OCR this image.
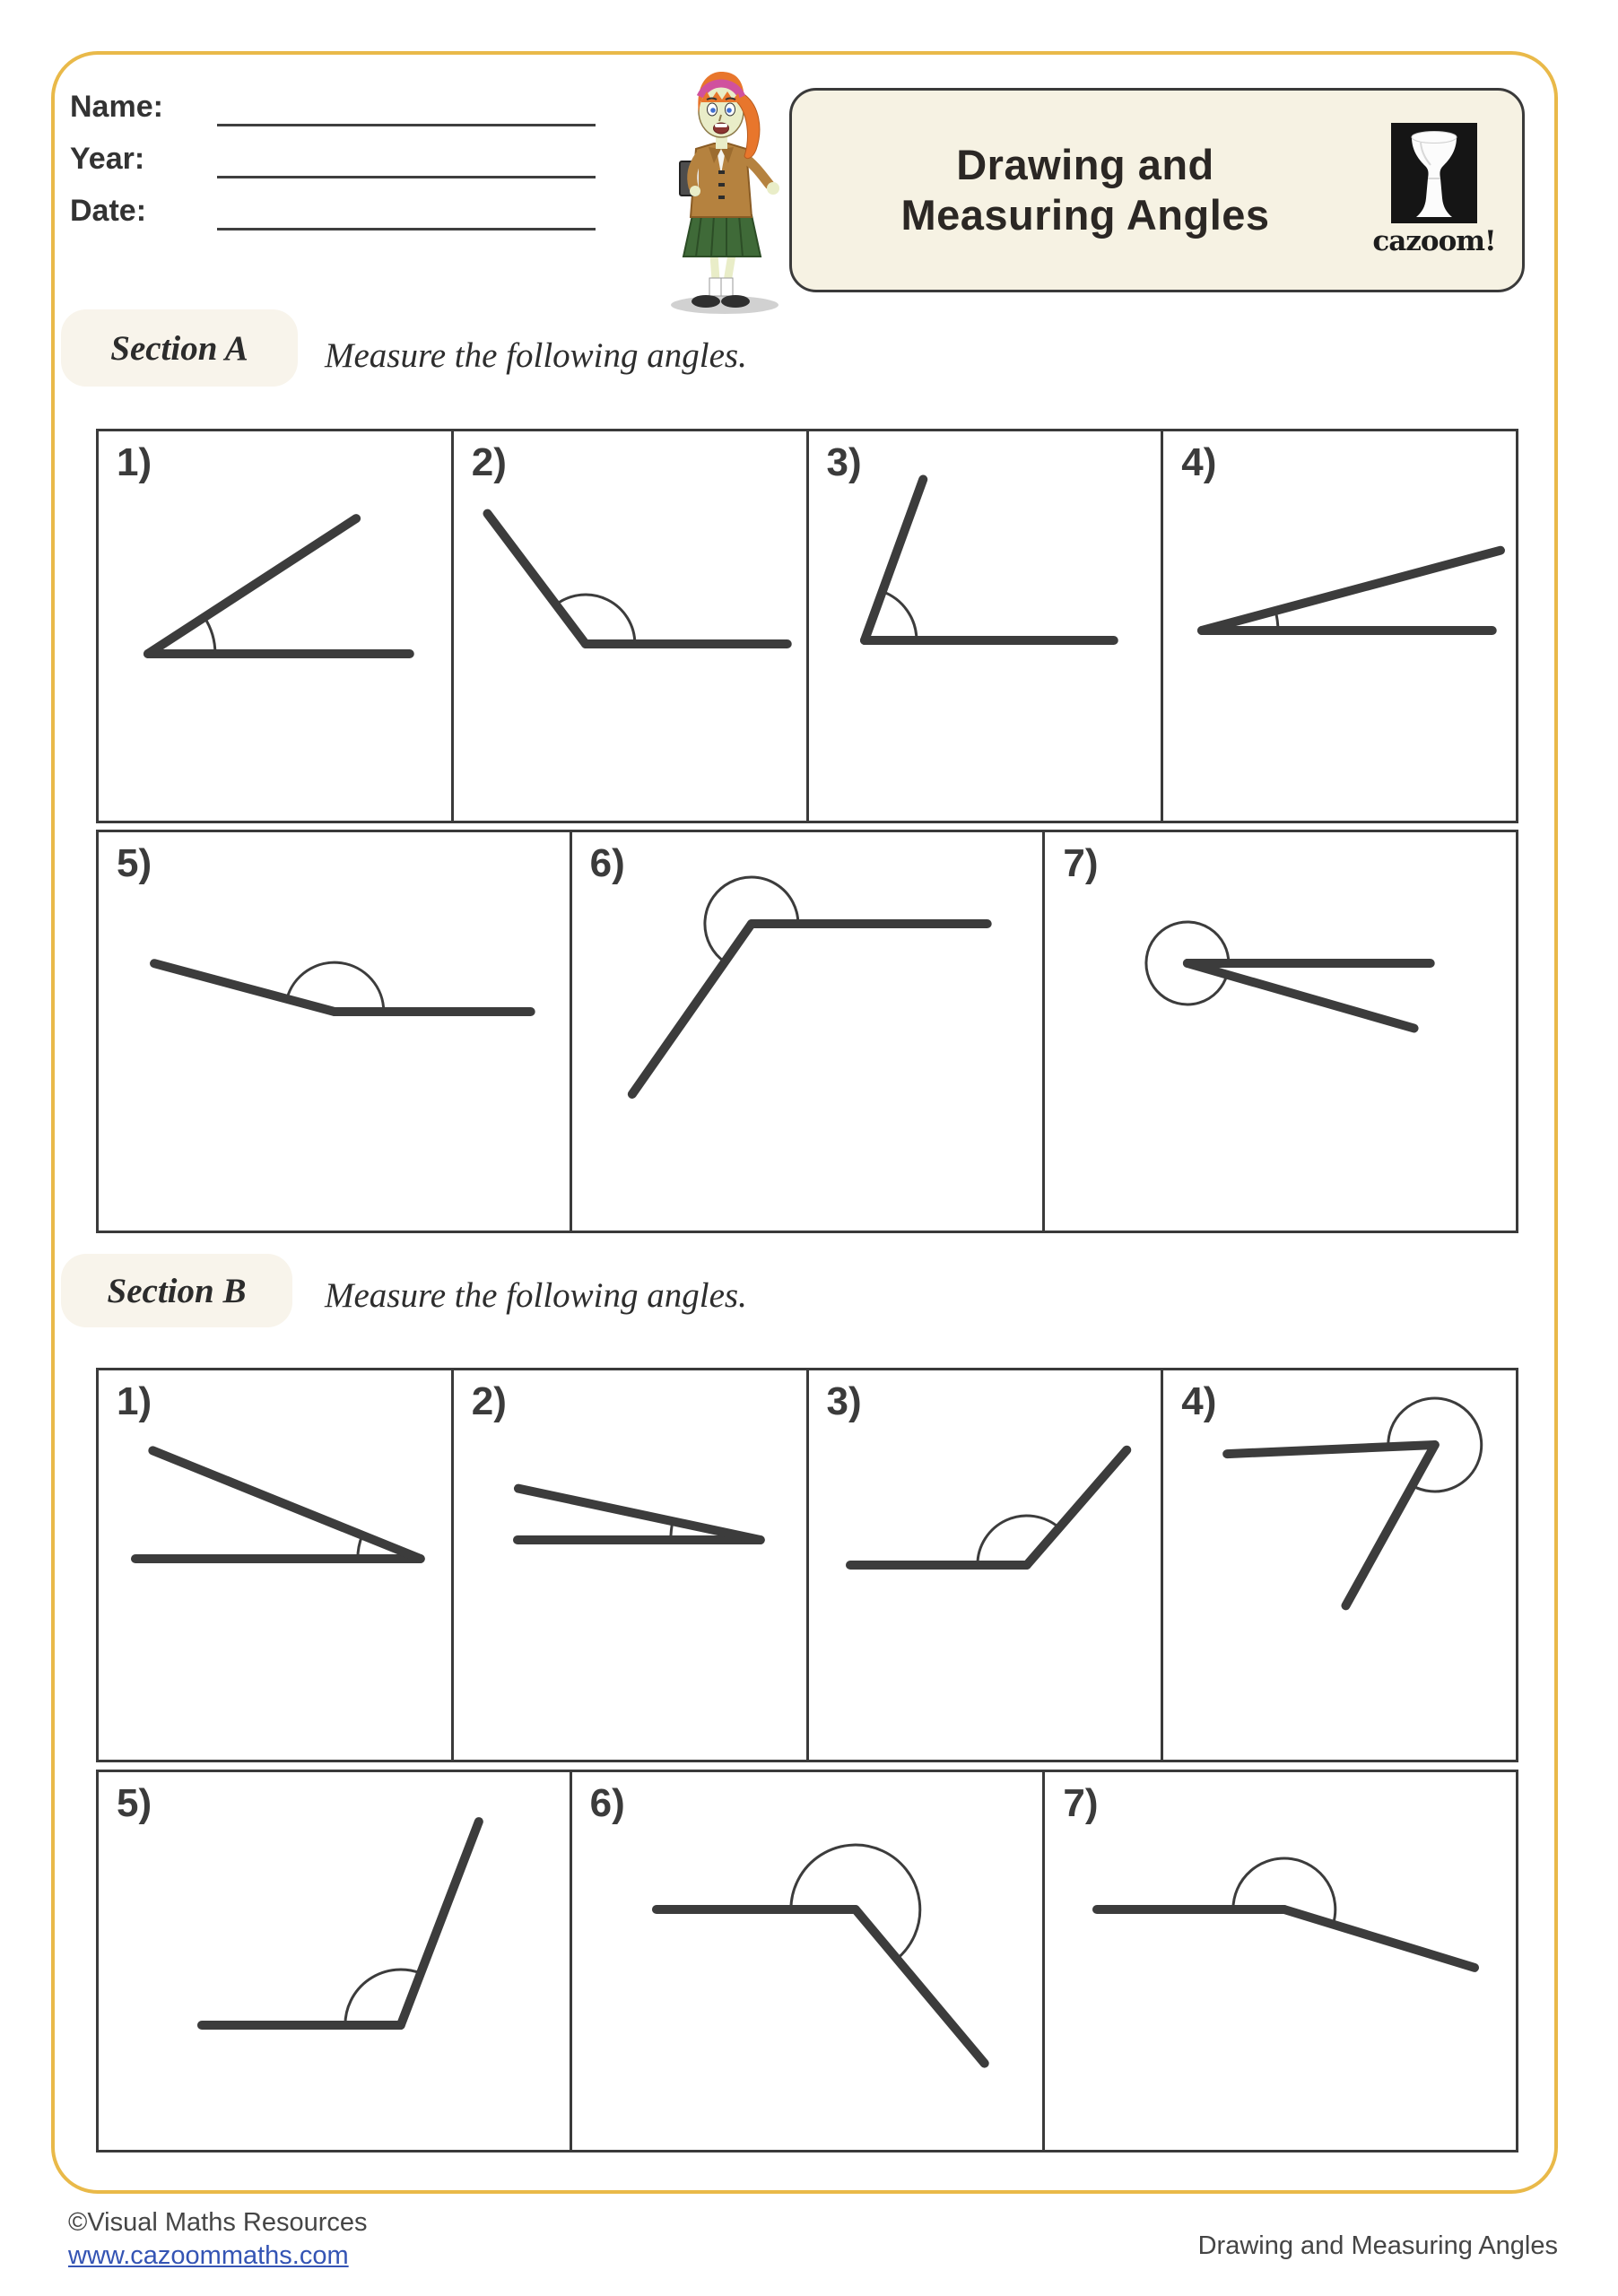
Name:
Year:
Date:
Drawing and
Measuring Angles
cazoom!
Section A Measure the following angles.
Section B Measure the following angles.
1)	2)	3)	4)
5)	6)	7)
1)	2)	3)	4)
5)	6)	7)
©Visual Maths Resources
www.cazoommaths.com	Drawing and Measuring Angles
